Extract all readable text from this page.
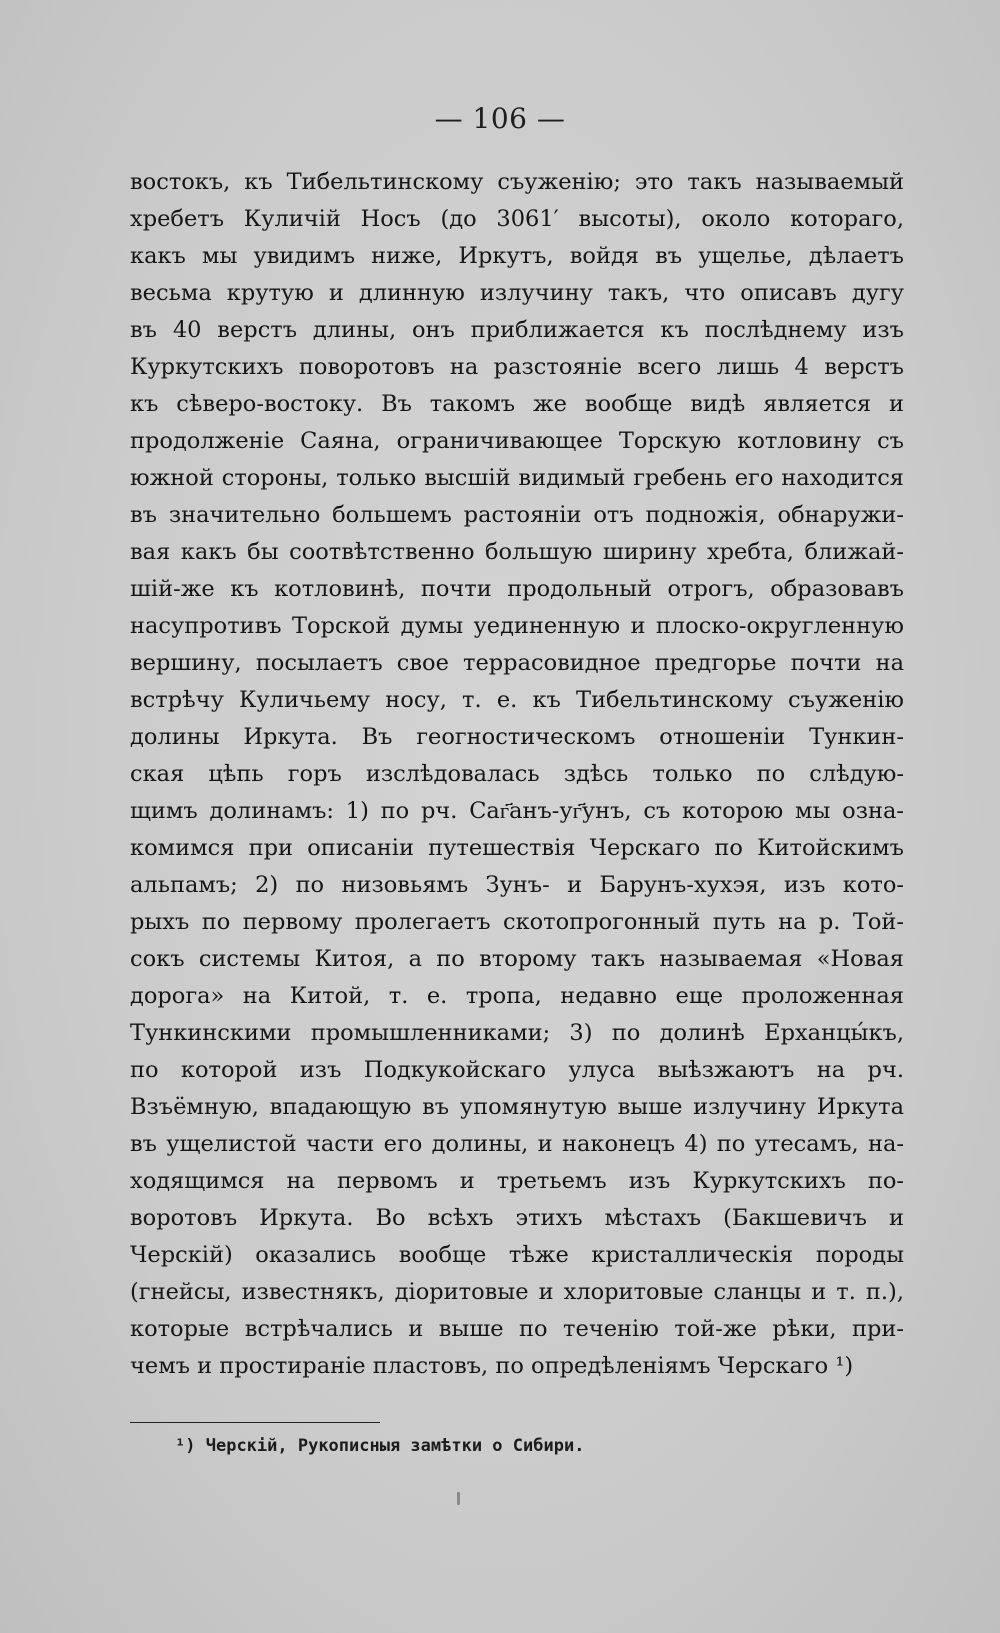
— 106 —
востокъ, къ Тибельтинскому съуженію; это такъ называемый
хребетъ Куличій Носъ (до 3061′ высоты), около котораго,
какъ мы увидимъ ниже, Иркутъ, войдя въ ущелье, дѣлаетъ
весьма крутую и длинную излучину такъ, что описавъ дугу
въ 40 верстъ длины, онъ приближается къ послѣднему изъ
Куркутскихъ поворотовъ на разстояніе всего лишь 4 верстъ
къ сѣверо-востоку. Въ такомъ же вообще видѣ является и
продолженіе Саяна, ограничивающее Торскую котловину съ
южной стороны, только высшій видимый гребень его находится
въ значительно большемъ растояніи отъ подножія, обнаружи-
вая какъ бы соотвѣтственно большую ширину хребта, ближай-
шій-же къ котловинѣ, почти продольный отрогъ, образовавъ
насупротивъ Торской думы уединенную и плоско-округленную
вершину, посылаетъ свое террасовидное предгорье почти на
встрѣчу Куличьему носу, т. е. къ Тибельтинскому съуженію
долины Иркута. Въ геогностическомъ отношеніи Тункин-
ская цѣпь горъ изслѣдовалась здѣсь только по слѣдую-
щимъ долинамъ: 1) по рч. Саг҃анъ-уг҃унъ, съ которою мы озна-
комимся при описаніи путешествія Черскаго по Китойскимъ
альпамъ; 2) по низовьямъ Зунъ- и Барунъ-хухэя, изъ кото-
рыхъ по первому пролегаетъ скотопрогонный путь на р. Той-
сокъ системы Китоя, а по второму такъ называемая «Новая
дорога» на Китой, т. е. тропа, недавно еще проложенная
Тункинскими промышленниками; 3) по долинѣ Ерханцы́къ,
по которой изъ Подкукойскаго улуса выѣзжаютъ на рч.
Взъёмную, впадающую въ упомянутую выше излучину Иркута
въ ущелистой части его долины, и наконецъ 4) по утесамъ, на-
ходящимся на первомъ и третьемъ изъ Куркутскихъ по-
воротовъ Иркута. Во всѣхъ этихъ мѣстахъ (Бакшевичъ и
Черскій) оказались вообще тѣже кристаллическія породы
(гнейсы, известнякъ, діоритовые и хлоритовые сланцы и т. п.),
которые встрѣчались и выше по теченію той-же рѣки, при-
чемъ и простираніе пластовъ, по опредѣленіямъ Черскаго ¹)
¹) Черскій, Рукописныя замѣтки о Сибири.
